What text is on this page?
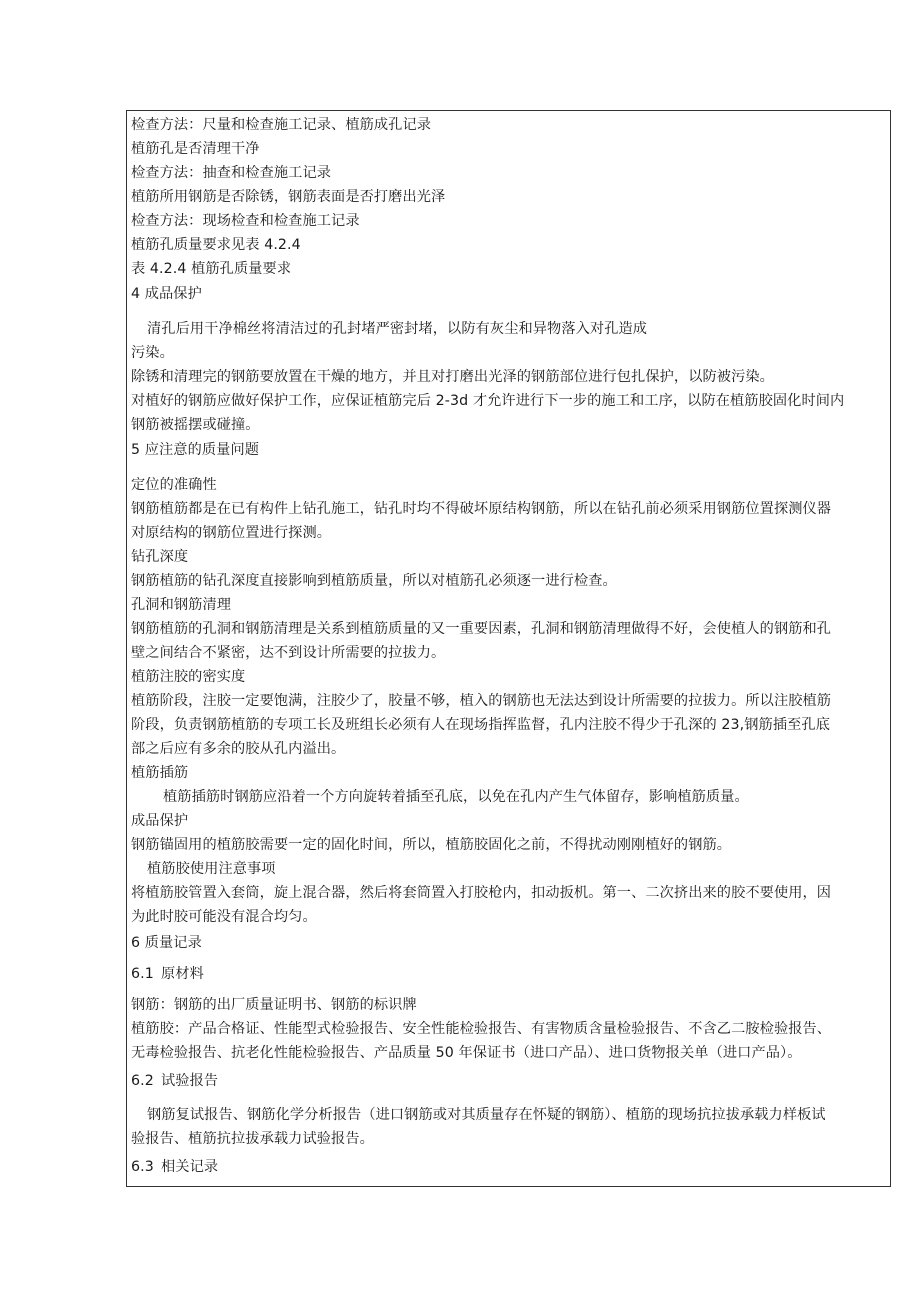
检查方法：尺量和检查施工记录、植筋成孔记录
植筋孔是否清理干净
检查方法：抽查和检查施工记录
植筋所用钢筋是否除锈，钢筋表面是否打磨出光泽
检查方法：现场检查和检查施工记录
植筋孔质量要求见表 4.2.4
表 4.2.4 植筋孔质量要求
4 成品保护
清孔后用干净棉丝将清洁过的孔封堵严密封堵，以防有灰尘和异物落入对孔造成
污染。
除锈和清理完的钢筋要放置在干燥的地方，并且对打磨出光泽的钢筋部位进行包扎保护，以防被污染。
对植好的钢筋应做好保护工作，应保证植筋完后 2-3d 才允许进行下一步的施工和工序，以防在植筋胶固化时间内
钢筋被摇摆或碰撞。
5 应注意的质量问题
定位的准确性
钢筋植筋都是在已有构件上钻孔施工，钻孔时均不得破坏原结构钢筋，所以在钻孔前必须采用钢筋位置探测仪器
对原结构的钢筋位置进行探测。
钻孔深度
钢筋植筋的钻孔深度直接影响到植筋质量，所以对植筋孔必须逐一进行检查。
孔洞和钢筋清理
钢筋植筋的孔洞和钢筋清理是关系到植筋质量的又一重要因素，孔洞和钢筋清理做得不好，会使植人的钢筋和孔
壁之间结合不紧密，达不到设计所需要的拉拔力。
植筋注胶的密实度
植筋阶段，注胶一定要饱满，注胶少了，胶量不够，植入的钢筋也无法达到设计所需要的拉拔力。所以注胶植筋
阶段，负责钢筋植筋的专项工长及班组长必须有人在现场指挥监督，孔内注胶不得少于孔深的 23,钢筋插至孔底
部之后应有多余的胶从孔内溢出。
植筋插筋
植筋插筋时钢筋应沿着一个方向旋转着插至孔底，以免在孔内产生气体留存，影响植筋质量。
成品保护
钢筋锚固用的植筋胶需要一定的固化时间，所以，植筋胶固化之前，不得扰动刚刚植好的钢筋。
植筋胶使用注意事项
将植筋胶管置入套筒，旋上混合器，然后将套筒置入打胶枪内，扣动扳机。第一、二次挤出来的胶不要使用，因
为此时胶可能没有混合均匀。
6 质量记录
6.1 原材料
钢筋：钢筋的出厂质量证明书、钢筋的标识牌
植筋胶：产品合格证、性能型式检验报告、安全性能检验报告、有害物质含量检验报告、不含乙二胺检验报告、
无毒检验报告、抗老化性能检验报告、产品质量 50 年保证书（进口产品）、进口货物报关单（进口产品）。
6.2 试验报告
钢筋复试报告、钢筋化学分析报告（进口钢筋或对其质量存在怀疑的钢筋）、植筋的现场抗拉拔承载力样板试
验报告、植筋抗拉拔承载力试验报告。
6.3 相关记录
